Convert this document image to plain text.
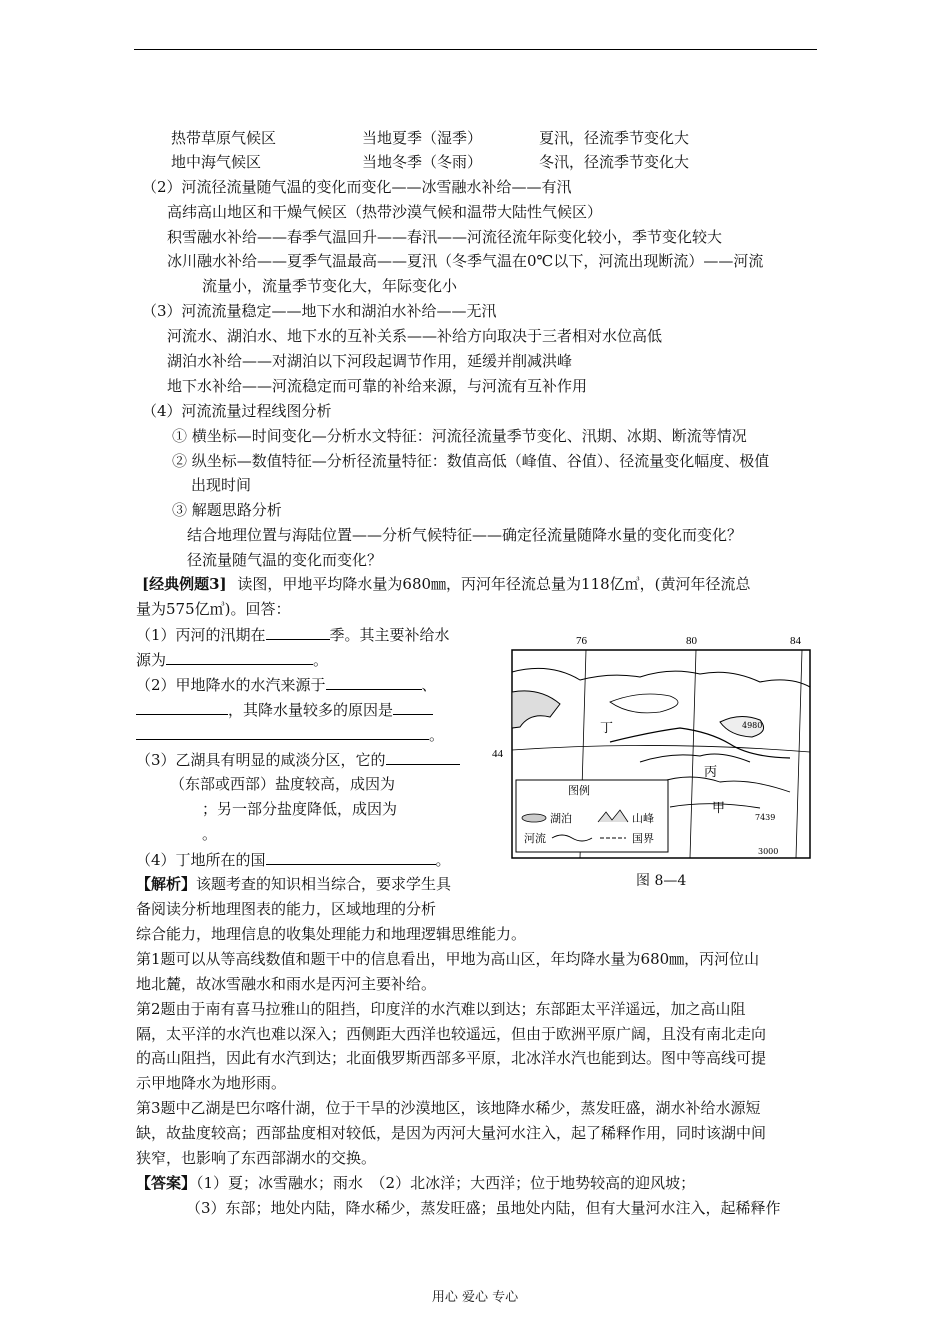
热带草原气候区	当地夏季（湿季）	夏汛，径流季节变化大
地中海气候区	当地冬季（冬雨）	冬汛，径流季节变化大
（2）河流径流量随气温的变化而变化——冰雪融水补给——有汛
高纬高山地区和干燥气候区（热带沙漠气候和温带大陆性气候区）
积雪融水补给——春季气温回升——春汛——河流径流年际变化较小，季节变化较大
冰川融水补给——夏季气温最高——夏汛（冬季气温在0℃以下，河流出现断流）——河流
流量小，流量季节变化大，年际变化小
（3）河流流量稳定——地下水和湖泊水补给——无汛
河流水、湖泊水、地下水的互补关系——补给方向取决于三者相对水位高低
湖泊水补给——对湖泊以下河段起调节作用，延缓并削减洪峰
地下水补给——河流稳定而可靠的补给来源，与河流有互补作用
（4）河流流量过程线图分析
① 横坐标—时间变化—分析水文特征：河流径流量季节变化、汛期、冰期、断流等情况
② 纵坐标—数值特征—分析径流量特征：数值高低（峰值、谷值）、径流量变化幅度、极值
出现时间
③ 解题思路分析
结合地理位置与海陆位置——分析气候特征——确定径流量随降水量的变化而变化？
径流量随气温的变化而变化？
[经典例题3] 读图，甲地平均降水量为680㎜，丙河年径流总量为118亿㎥，(黄河年径流总
量为575亿㎥)。回答：
（1）丙河的汛期在	季。其主要补给水
源为	。
（2）甲地降水的水汽来源于	、
，其降水量较多的原因是
。
（3）乙湖具有明显的咸淡分区，它的
（东部或西部）盐度较高，成因为
；另一部分盐度降低，成因为
。
（4）丁地所在的国	。
76	80	84
44
丁
丙
甲
4980
7439
3000
图例
湖泊	山峰
河流	国界
图 8—4
【解析】该题考查的知识相当综合，要求学生具
备阅读分析地理图表的能力，区域地理的分析
综合能力，地理信息的收集处理能力和地理逻辑思维能力。
第1题可以从等高线数值和题干中的信息看出，甲地为高山区，年均降水量为680㎜，丙河位山
地北麓，故冰雪融水和雨水是丙河主要补给。
第2题由于南有喜马拉雅山的阻挡，印度洋的水汽难以到达；东部距太平洋遥远，加之高山阻
隔，太平洋的水汽也难以深入；西侧距大西洋也较遥远，但由于欧洲平原广阔，且没有南北走向
的高山阻挡，因此有水汽到达；北面俄罗斯西部多平原，北冰洋水汽也能到达。图中等高线可提
示甲地降水为地形雨。
第3题中乙湖是巴尔喀什湖，位于干旱的沙漠地区，该地降水稀少，蒸发旺盛，湖水补给水源短
缺，故盐度较高；西部盐度相对较低，是因为丙河大量河水注入，起了稀释作用，同时该湖中间
狭窄，也影响了东西部湖水的交换。
【答案】（1）夏；冰雪融水；雨水　（2）北冰洋；大西洋；位于地势较高的迎风坡；
（3）东部；地处内陆，降水稀少，蒸发旺盛；虽地处内陆，但有大量河水注入，起稀释作
用心 爱心 专心
